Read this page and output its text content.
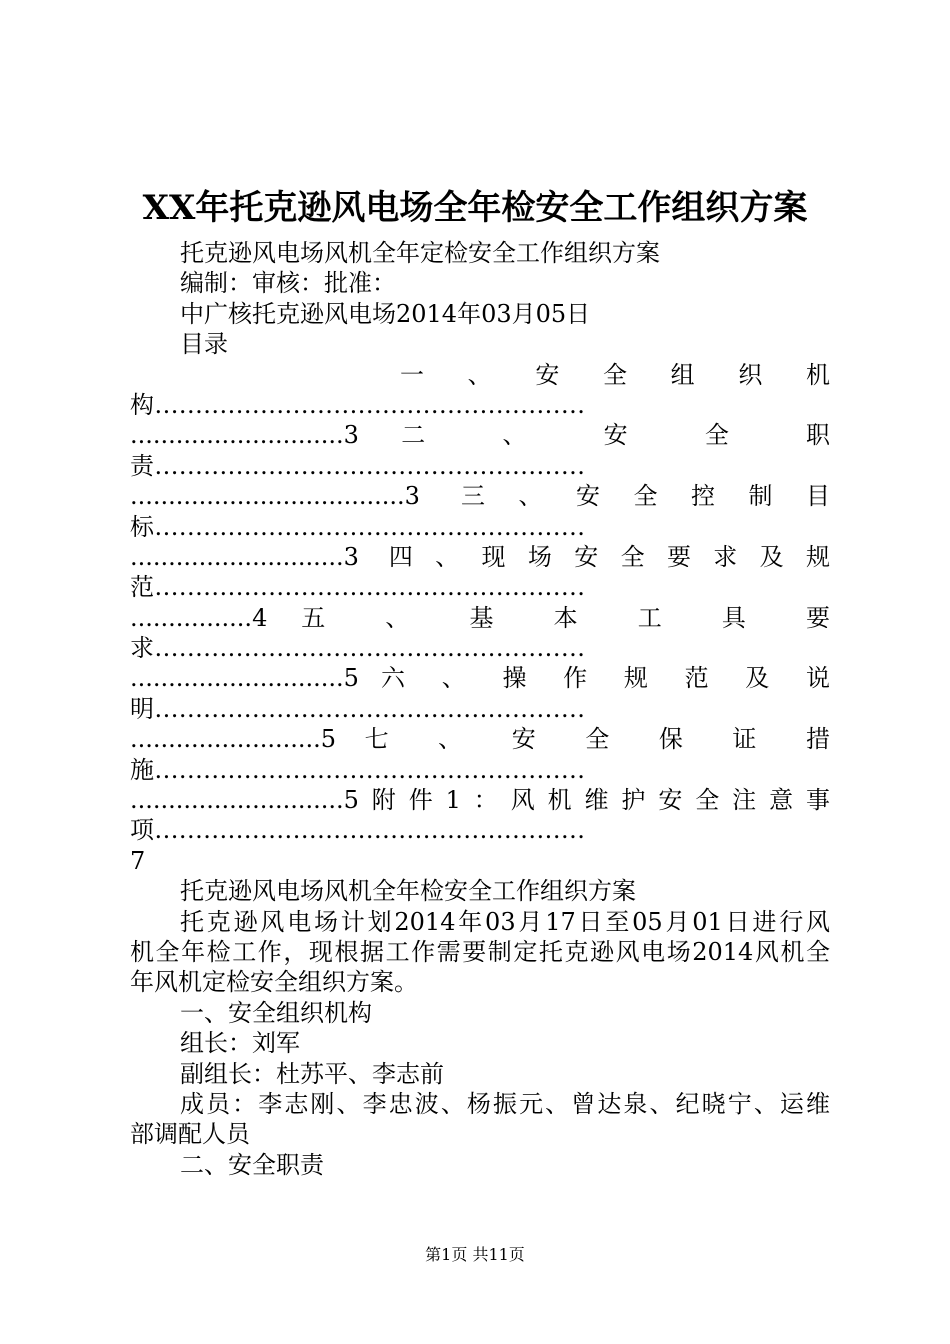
XX年托克逊风电场全年检安全工作组织方案
托克逊风电场风机全年定检安全工作组织方案
编制：审核：批准：
中广核托克逊风电场2014年03月05日
目录
一 、 安 全 组 织 机
构.....................................................
............................3 二 、 安 全 职
责.....................................................
....................................3 三、安全控制目
标.....................................................
............................3 四、现场安全要求及规
范.....................................................
................4 五 、 基 本 工 具 要
求.....................................................
............................5 六 、 操 作 规 范 及 说
明.....................................................
.........................5 七 、 安 全 保 证 措
施.....................................................
............................5附件1：风机维护安全注意事
项.....................................................
7
托克逊风电场风机全年检安全工作组织方案
托克逊风电场计划2014年03月17日至05月01日进行风
机全年检工作，现根据工作需要制定托克逊风电场2014风机全
年风机定检安全组织方案。
一、安全组织机构
组长：刘军
副组长：杜苏平、李志前
成员：李志刚、李忠波、杨振元、曾达泉、纪晓宁、运维
部调配人员
二、安全职责
第1页 共11页
